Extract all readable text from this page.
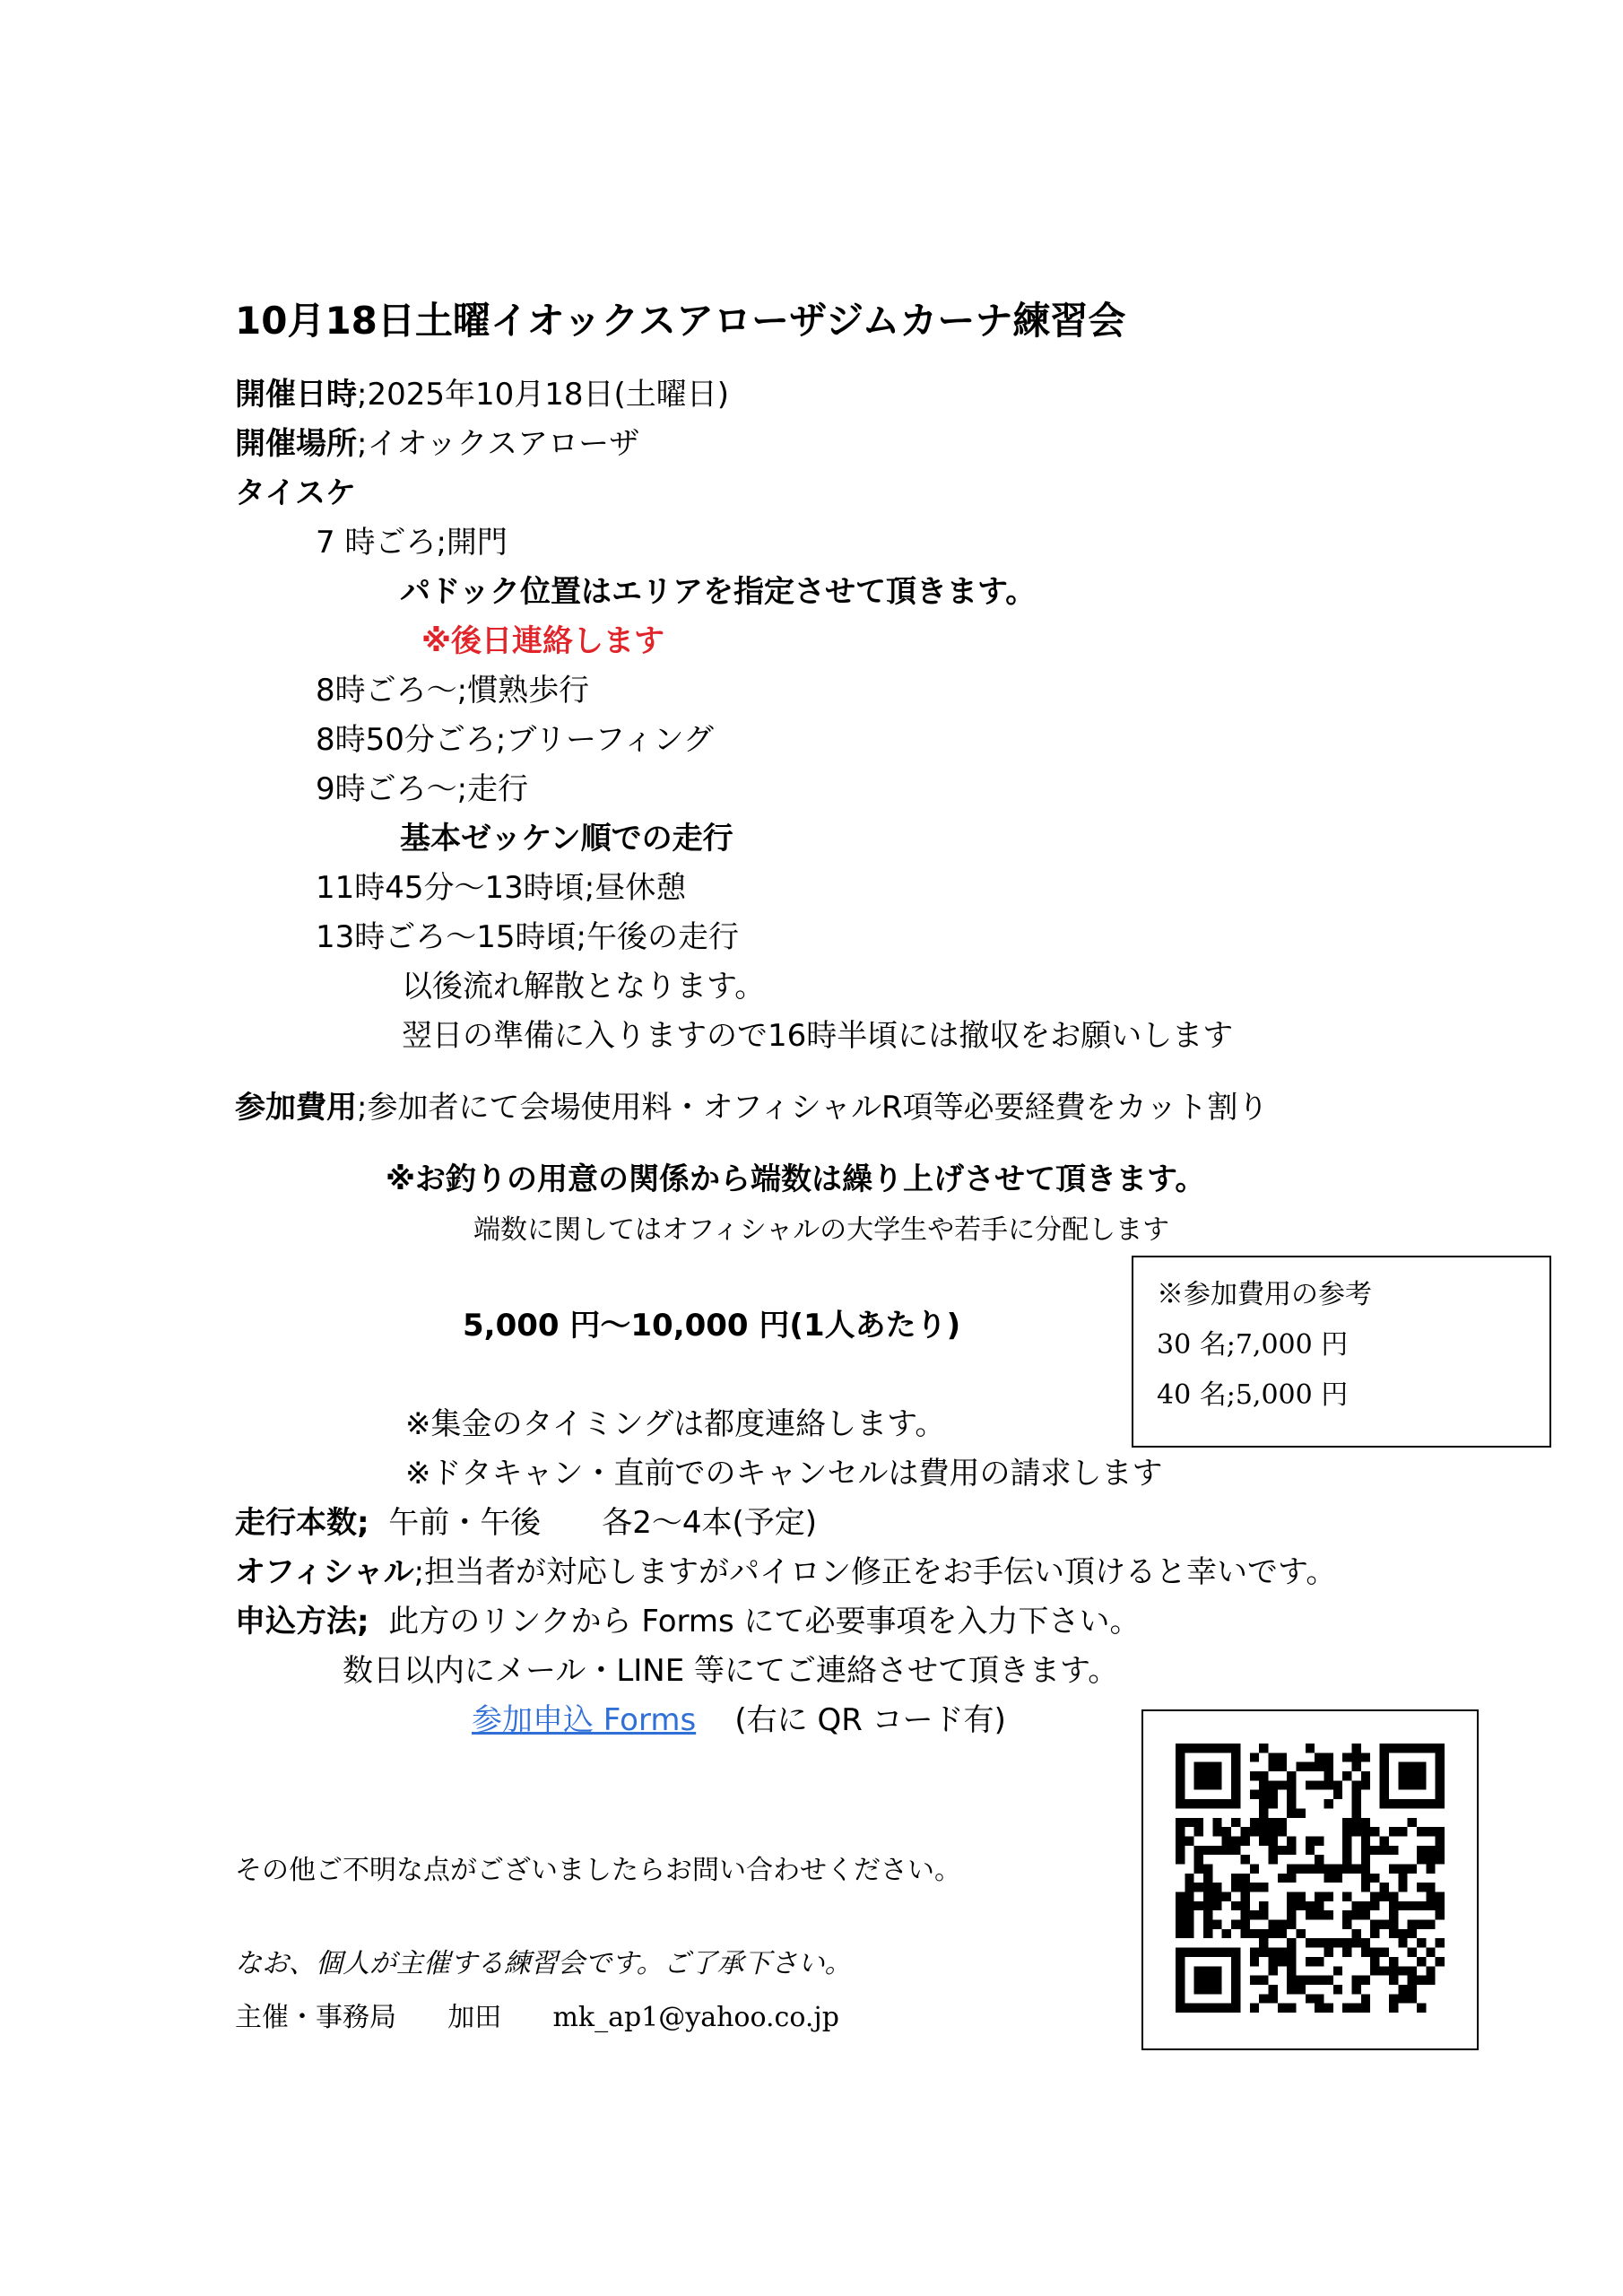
10月18日土曜イオックスアローザジムカーナ練習会
開催日時;2025年10月18日(土曜日)
開催場所;イオックスアローザ
タイスケ
7 時ごろ;開門
パドック位置はエリアを指定させて頂きます。
※後日連絡します
8時ごろ〜;慣熟歩行
8時50分ごろ;ブリーフィング
9時ごろ〜;走行
基本ゼッケン順での走行
11時45分〜13時頃;昼休憩
13時ごろ〜15時頃;午後の走行
以後流れ解散となります。
翌日の準備に入りますので16時半頃には撤収をお願いします
参加費用;参加者にて会場使用料・オフィシャルR項等必要経費をカット割り
※お釣りの用意の関係から端数は繰り上げさせて頂きます。
端数に関してはオフィシャルの大学生や若手に分配します
5,000 円〜10,000 円(1人あたり)
※集金のタイミングは都度連絡します。
※ドタキャン・直前でのキャンセルは費用の請求します
※参加費用の参考
30 名;7,000 円
40 名;5,000 円
走行本数; 午前・午後　　各2〜4本(予定)
オフィシャル;担当者が対応しますがパイロン修正をお手伝い頂けると幸いです。
申込方法; 此方のリンクから Forms にて必要事項を入力下さい。
数日以内にメール・LINE 等にてご連絡させて頂きます。
参加申込 Forms (右に QR コード有)
その他ご不明な点がございましたらお問い合わせください。
なお、個人が主催する練習会です。ご了承下さい。
主催・事務局 加田 mk_ap1@yahoo.co.jp
